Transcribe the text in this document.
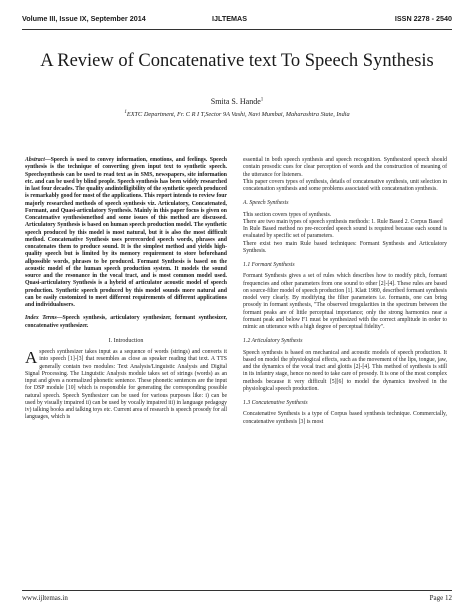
Volume III, Issue IX, September 2014	IJLTEMAS	ISSN 2278 - 2540
A Review of Concatenative text To Speech Synthesis
Smita S. Hande$^1$
$^1$EXTC Department, Fr. C R I T,Sector 9A Vashi, Navi Mumbai, Maharashtra State, India

Abstract—Speech is used to convey information, emotions, and feelings. Speech synthesis is the technique of converting given input text to synthetic speech. Speechsynthesis can be used to read text as in SMS, newspapers, site information etc. and can be used by blind people. Speech synthesis has been widely researched in last four decades. The quality andintelligibility of the synthetic speech produced is remarkably good for most of the applications. This report intends to review four majorly researched methods of speech synthesis viz. Articulatory, Concatenated, Formant, and Quasi-articulatory Synthesis. Mainly in this paper focus is given on Concatenative synthesismethod and some issues of this method are discussed. Articulatory Synthesis is based on human speech production model. The synthetic speech produced by this model is most natural, but it is also the most difficult method. Concatenative Synthesis uses prerecorded speech words, phrases and concatenates them to produce sound. It is the simplest method and yields high-quality speech but is limited by its memory requirement to store beforehand allpossible words, phrases to be produced. Formant Synthesis is based on the acoustic model of the human speech production system. It models the sound source and the resonance in the vocal tract, and is most common model used. Quasi-articulatory Synthesis is a hybrid of articulator acoustic model of speech production. Synthetic speech produced by this model sounds more natural and can be easily customized to meet different requirements of different applications and individualusers.

Index Terms—Speech synthesis, articulatory synthesizer, formant synthesizer, concatenative synthesizer.

I. Introduction

A speech synthesizer takes input as a sequence of words (strings) and converts it into speech [1]-[3] that resembles as close as speaker reading that text. A TTS generally contain two modules: Text Analysis/Linguistic Analysis and Digital Signal Processing. The Linguistic Analysis module takes set of strings (words) as an input and gives a normalized phonetic sentence. These phonetic sentences are the input for DSP module [10] which is responsible for generating the corresponding possible natural speech. Speech Synthesizer can be used for various purposes like: i) can be used by visually impaired ii) can be used by vocally impaired iii) in language pedagogy iv) talking books and talking toys etc. Current area of research is speech prosody for all languages, which is

essential in both speech synthesis and speech recognition. Synthesized speech should contain prosodic cues for clear perception of words and the construction of meaning of the utterance for listeners.

This paper covers types of synthesis, details of concatenative synthesis, unit selection in concatenation synthesis and some problems associated with concatenation synthesis.

A. Speech Synthesis

This section covers types of synthesis.

There are two main types of speech synthesis methods: 1. Rule Based 2. Corpus Based

In Rule Based method no pre-recorded speech sound is required because each sound is evaluated by specific set of parameters.

There exist two main Rule based techniques: Formant Synthesis and Articulatory Synthesis.

1.1 Formant Synthesis

Formant Synthesis gives a set of rules which describes how to modify pitch, formant frequencies and other parameters from one sound to other [2]-[4]. These rules are based on source-filter model of speech production [1]. Klatt 1980, described formant synthesis model very clearly. By modifying the filter parameters i.e. formants, one can bring prosody in formant synthesis, "The observed irregularities in the spectrum between the formant peaks are of little perceptual importance; only the strong harmonics near a formant peak and below F1 must be synthesized with the correct amplitude in order to mimic an utterance with a high degree of perceptual fidelity".

1.2 Articulatory Synthesis

Speech synthesis is based on mechanical and acoustic models of speech production. It based on model the physiological effects, such as the movement of the lips, tongue, jaw, and the dynamics of the vocal tract and glottis [2]-[4]. This method of synthesis is still in its infantry stage, hence no need to take care of prosody. It is one of the most complex methods because it very difficult [5][6] to model the dynamics involved in the physiological speech production.

1.3 Concatenative Synthesis

Concatenative Synthesis is a type of Corpus based synthesis technique. Commercially, concatenative synthesis [3] is most

www.ijltemas.in	Page 12
